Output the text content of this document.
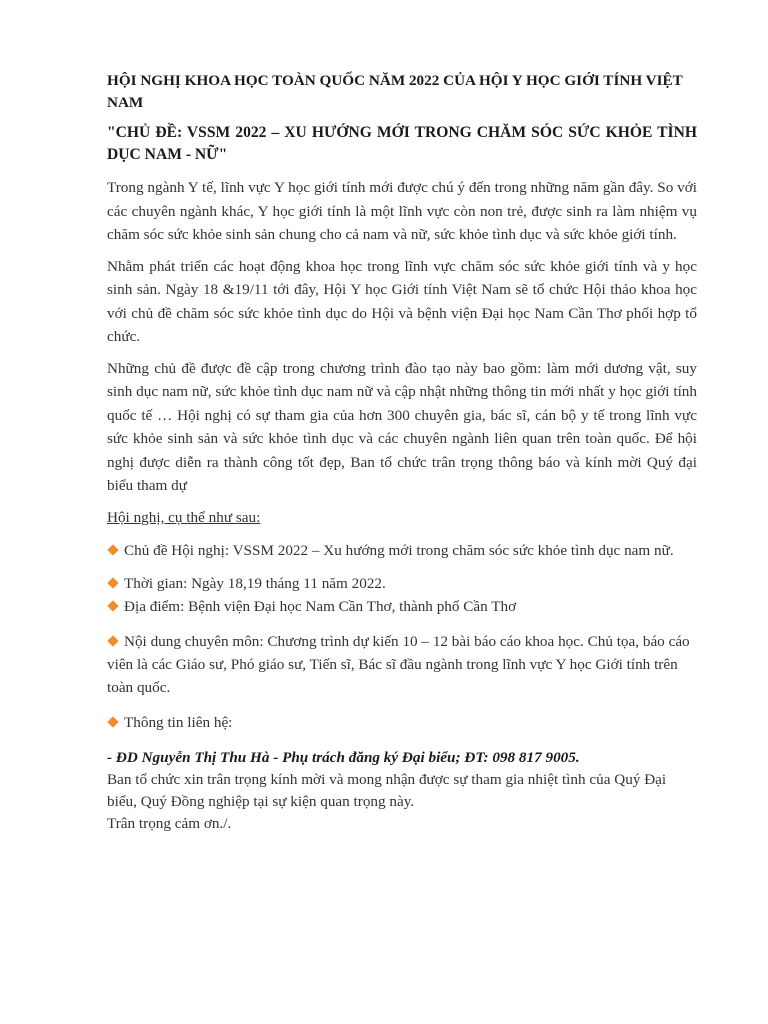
HỘI NGHỊ KHOA HỌC TOÀN QUỐC NĂM 2022 CỦA HỘI Y HỌC GIỚI TÍNH VIỆT NAM

"CHỦ ĐỀ: VSSM 2022 – XU HƯỚNG MỚI TRONG CHĂM SÓC SỨC KHỎE TÌNH DỤC NAM - NỮ"

Trong ngành Y tế, lĩnh vực Y học giới tính mới được chú ý đến trong những năm gần đây. So với các chuyên ngành khác, Y học giới tính là một lĩnh vực còn non trẻ, được sinh ra làm nhiệm vụ chăm sóc sức khỏe sinh sản chung cho cả nam và nữ, sức khỏe tình dục và sức khỏe giới tính.

Nhằm phát triển các hoạt động khoa học trong lĩnh vực chăm sóc sức khỏe giới tính và y học sinh sản. Ngày 18 &19/11 tới đây, Hội Y học Giới tính Việt Nam sẽ tổ chức Hội thảo khoa học với chủ đề chăm sóc sức khỏe tình dục do Hội và bệnh viện Đại học Nam Cần Thơ phối hợp tổ chức.

Những chủ đề được đề cập trong chương trình đào tạo này bao gồm: làm mới dương vật, suy sinh dục nam nữ, sức khỏe tình dục nam nữ và cập nhật những thông tin mới nhất y học giới tính quốc tế … Hội nghị có sự tham gia của hơn 300 chuyên gia, bác sĩ, cán bộ y tế trong lĩnh vực sức khỏe sinh sản và sức khỏe tình dục và các chuyên ngành liên quan trên toàn quốc. Để hội nghị được diễn ra thành công tốt đẹp, Ban tổ chức trân trọng thông báo và kính mời Quý đại biểu tham dự

Hội nghị, cụ thể như sau:

Chủ đề Hội nghị: VSSM 2022 – Xu hướng mới trong chăm sóc sức khỏe tình dục nam nữ.

Thời gian: Ngày 18,19 tháng 11 năm 2022.

Địa điểm: Bệnh viện Đại học Nam Cần Thơ, thành phố Cần Thơ

Nội dung chuyên môn: Chương trình dự kiến 10 – 12 bài báo cáo khoa học. Chủ tọa, báo cáo viên là các Giáo sư, Phó giáo sư, Tiến sĩ, Bác sĩ đầu ngành trong lĩnh vực Y học Giới tính trên toàn quốc.

Thông tin liên hệ:

- ĐD Nguyễn Thị Thu Hà - Phụ trách đăng ký Đại biểu; ĐT: 098 817 9005.

Ban tổ chức xin trân trọng kính mời và mong nhận được sự tham gia nhiệt tình của Quý Đại biểu, Quý Đồng nghiệp tại sự kiện quan trọng này.

Trân trọng cảm ơn./.
